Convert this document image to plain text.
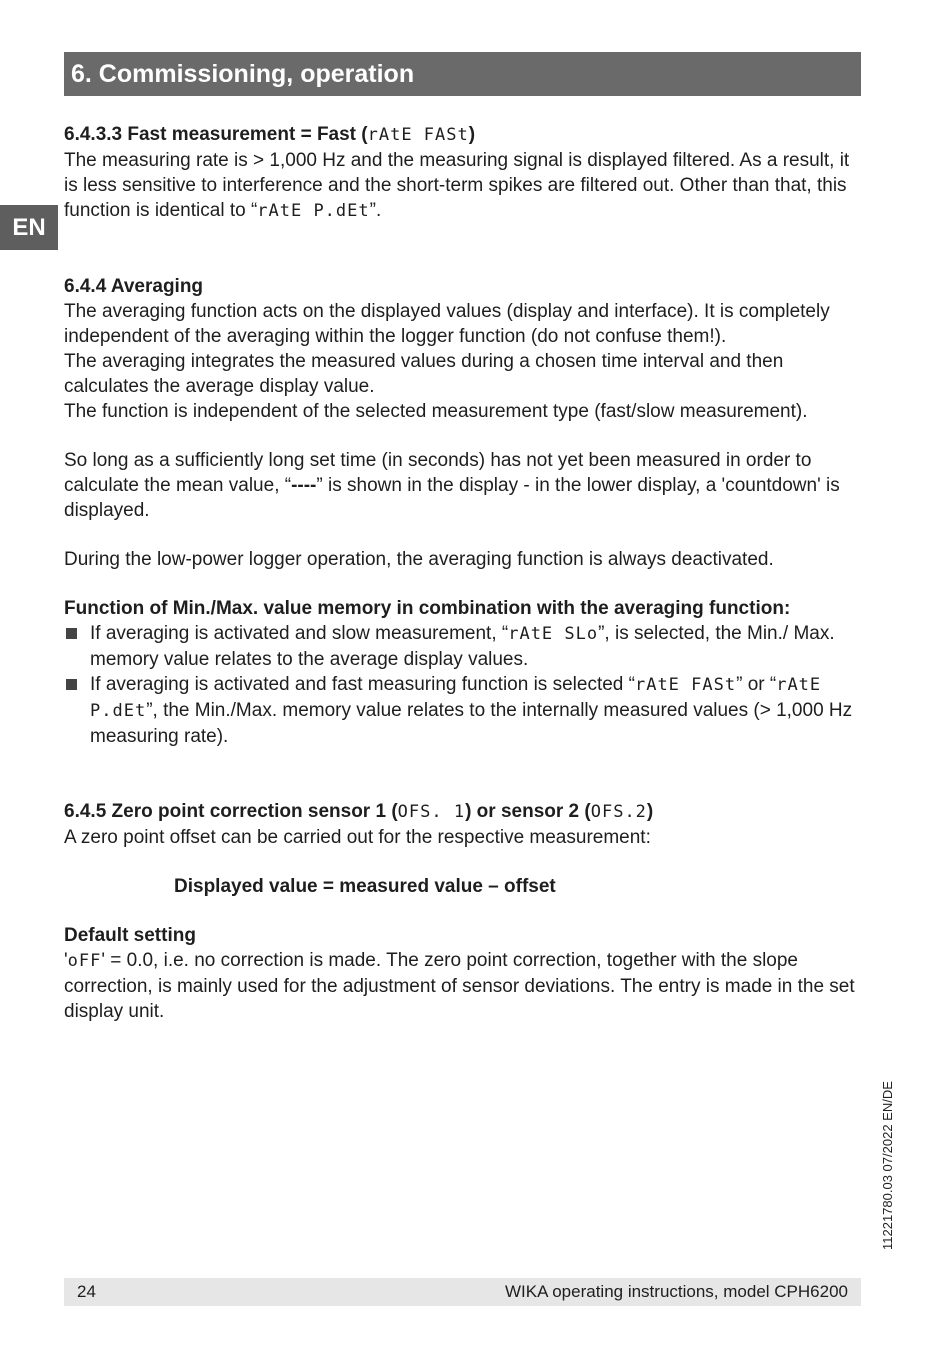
6. Commissioning, operation
EN

6.4.3.3 Fast measurement = Fast (rAtE FASt)

The measuring rate is > 1,000 Hz and the measuring signal is displayed filtered. As a result, it is less sensitive to interference and the short-term spikes are filtered out. Other than that, this function is identical to “rAtE P.dEt”.

6.4.4 Averaging

The averaging function acts on the displayed values (display and interface). It is completely independent of the averaging within the logger function (do not confuse them!).

The averaging integrates the measured values during a chosen time interval and then calculates the average display value.

The function is independent of the selected measurement type (fast/slow measurement).

So long as a sufficiently long set time (in seconds) has not yet been measured in order to calculate the mean value, “----” is shown in the display - in the lower display, a 'countdown' is displayed.

During the low-power logger operation, the averaging function is always deactivated.

Function of Min./Max. value memory in combination with the averaging function:

If averaging is activated and slow measurement, “rAtE SLo”, is selected, the Min./ Max. memory value relates to the average display values.

If averaging is activated and fast measuring function is selected “rAtE FASt” or “rAtE P.dEt”, the Min./Max. memory value relates to the internally measured values (> 1,000 Hz measuring rate).

6.4.5 Zero point correction sensor 1 (OFS. 1) or sensor 2 (OFS.2)

A zero point offset can be carried out for the respective measurement:

Displayed value = measured value – offset

Default setting

'oFF' = 0.0, i.e. no correction is made. The zero point correction, together with the slope correction, is mainly used for the adjustment of sensor deviations. The entry is made in the set display unit.

11221780.03 07/2022 EN/DE
24	WIKA operating instructions, model CPH6200
